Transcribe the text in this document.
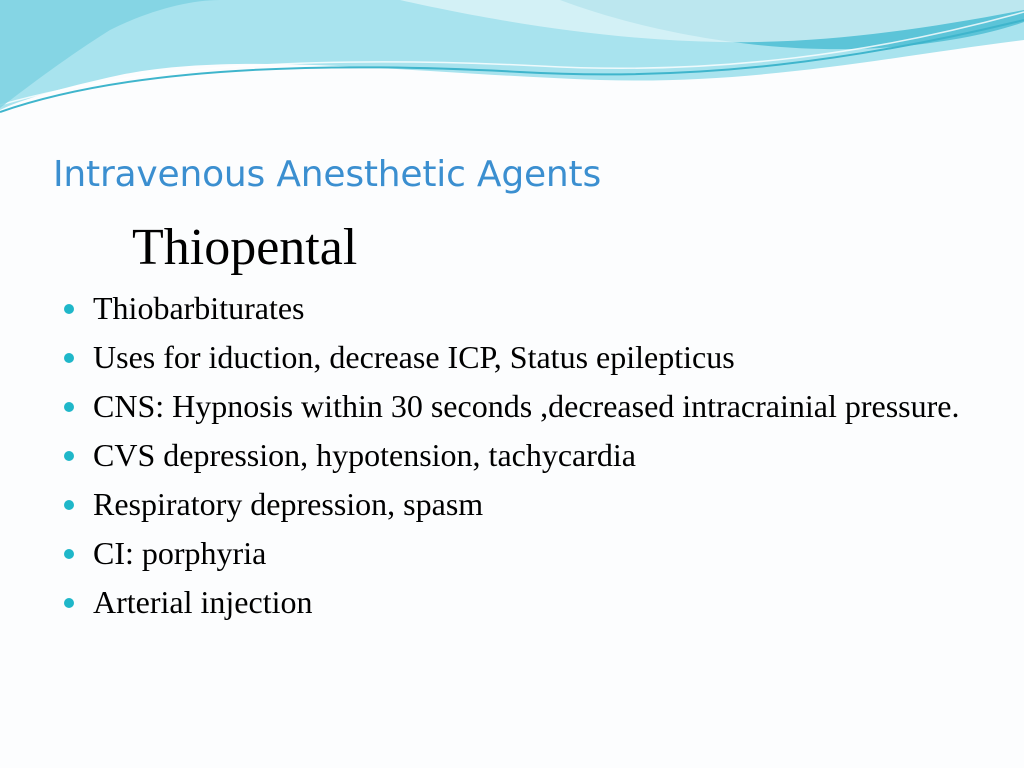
Intravenous Anesthetic Agents
Thiopental
Thiobarbiturates
Uses for iduction, decrease ICP, Status epilepticus
CNS: Hypnosis within 30 seconds ,decreased intracrainial pressure.
CVS depression, hypotension, tachycardia
Respiratory depression, spasm
CI: porphyria
Arterial injection
